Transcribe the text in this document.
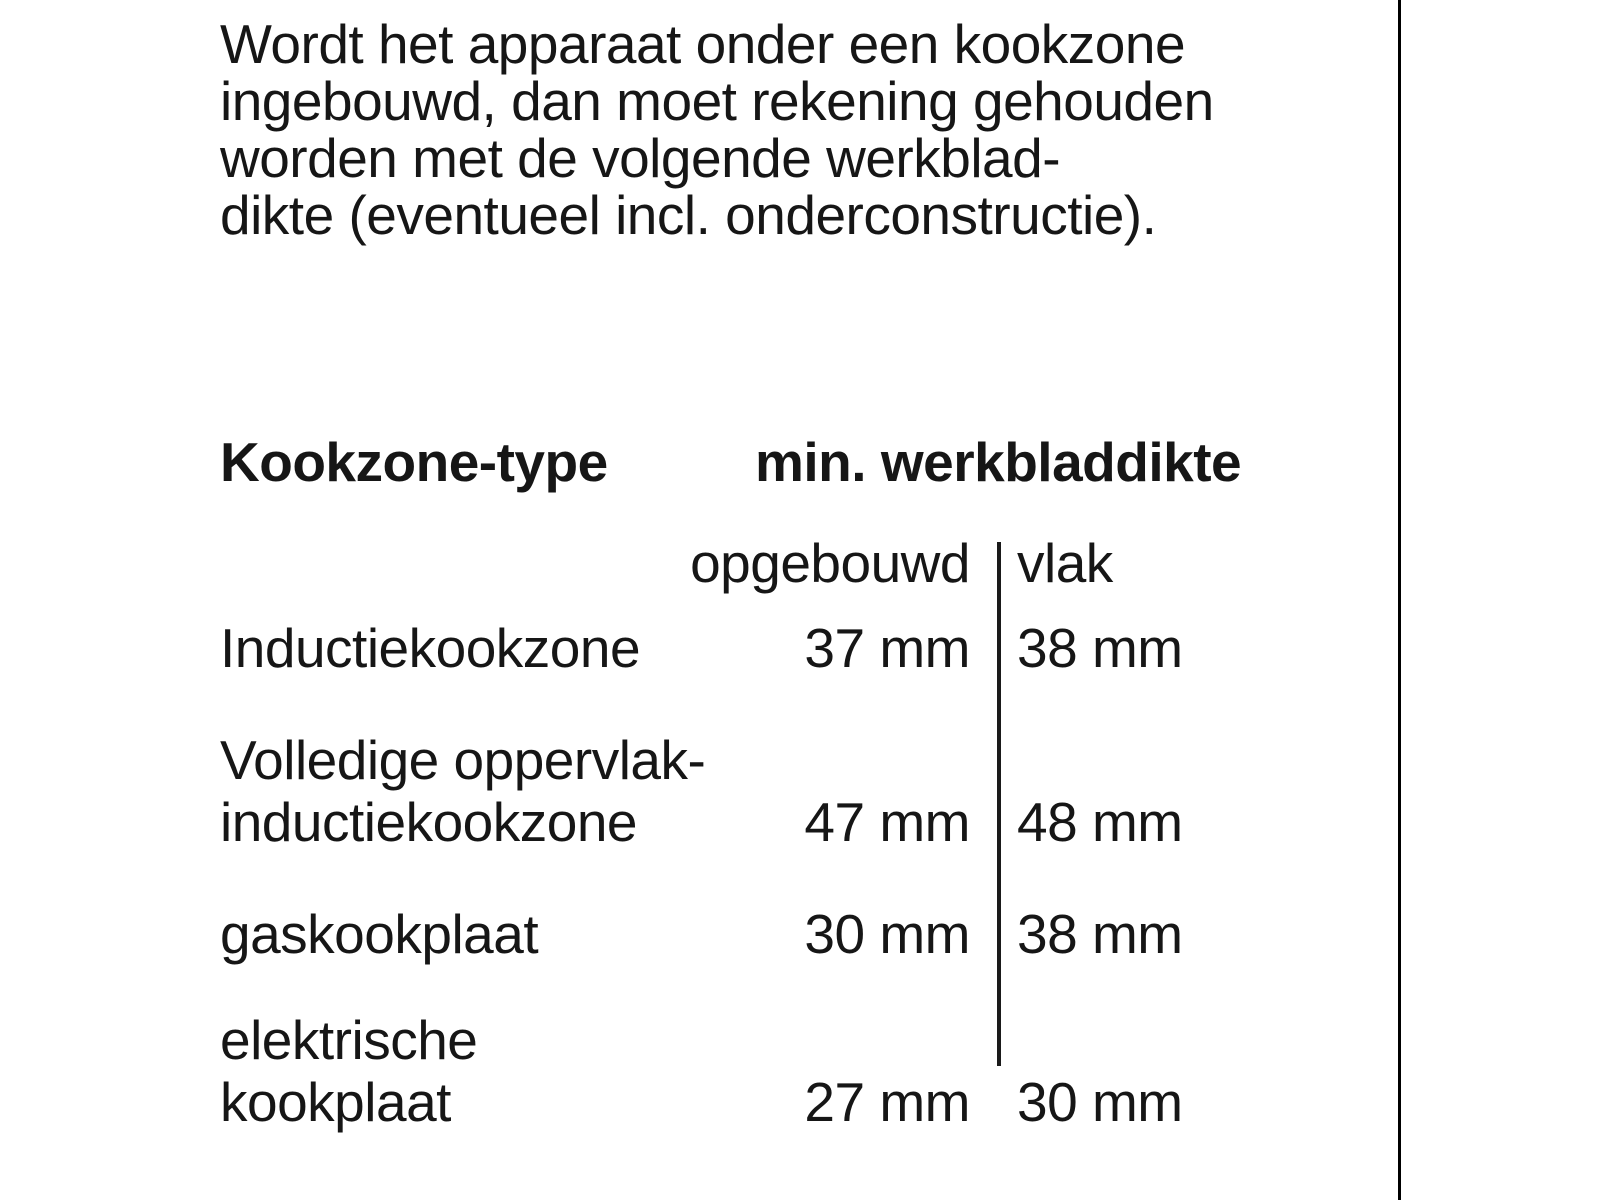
Wordt het apparaat onder een kookzone
ingebouwd, dan moet rekening gehouden
worden met de volgende werkblad-
dikte (eventueel incl. onderconstructie).
Kookzone-type	min. werkbladdikte
opgebouwd vlak
Inductiekookzone	37 mm 38 mm
Volledige oppervlak-
inductiekookzone	47 mm 48 mm
gaskookplaat	30 mm 38 mm
elektrische
kookplaat	27 mm 30 mm
